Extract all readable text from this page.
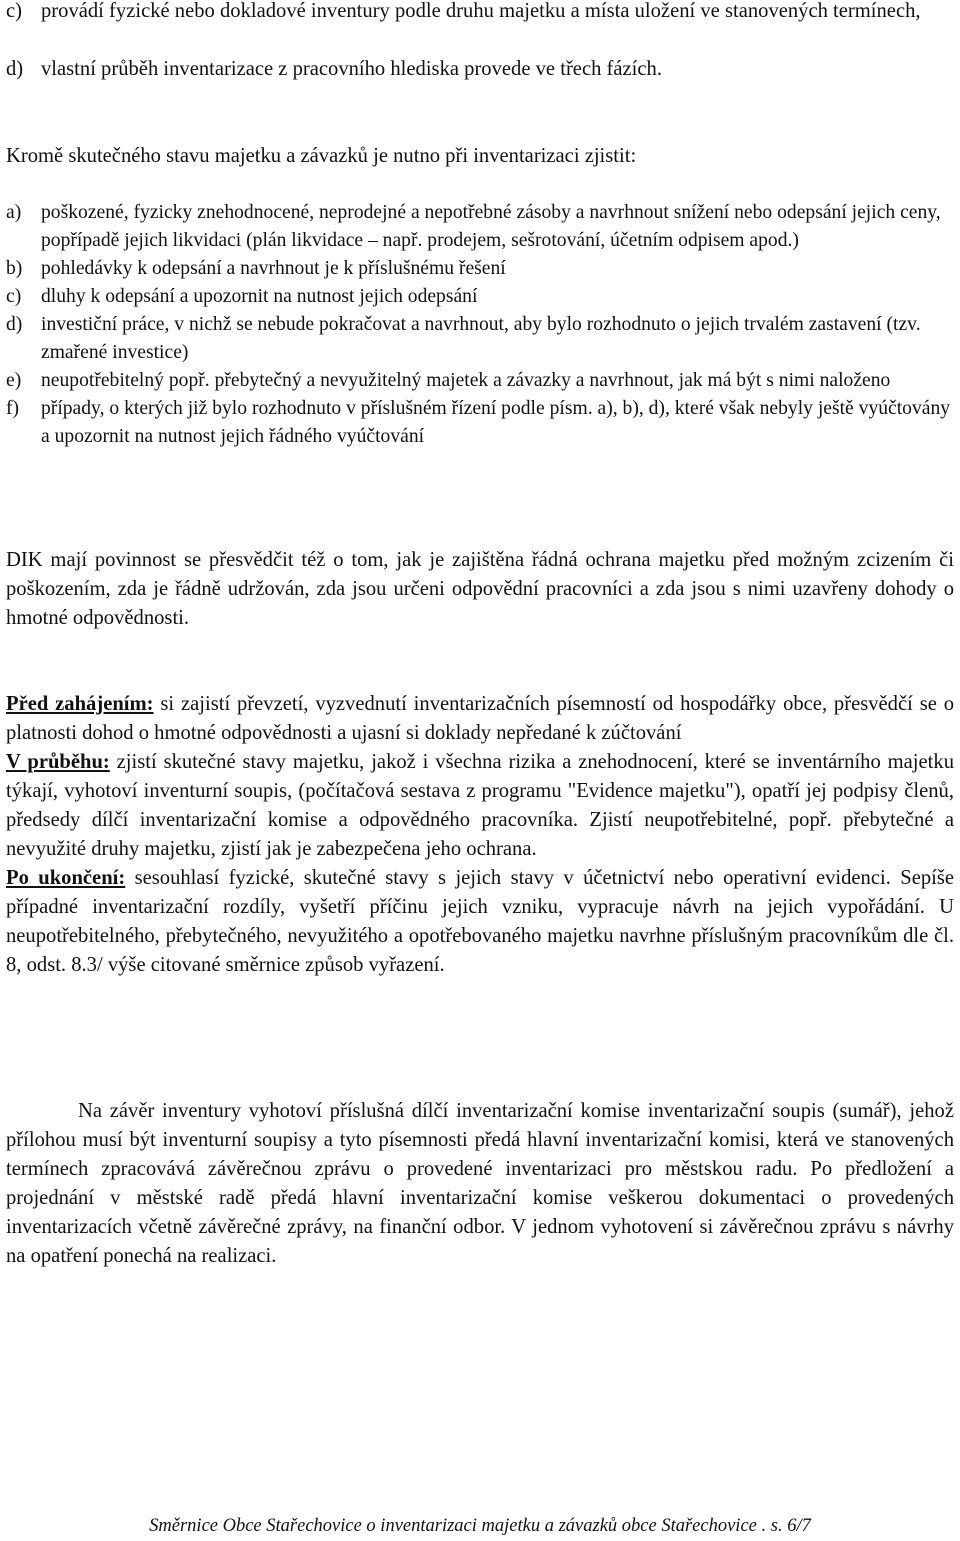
c) provádí fyzické nebo dokladové inventury podle druhu majetku a místa uložení ve stanovených termínech,
d) vlastní průběh inventarizace z pracovního hlediska provede ve třech fázích.

Kromě skutečného stavu majetku a závazků je nutno při inventarizaci zjistit:

a)	poškozené, fyzicky znehodnocené, neprodejné a nepotřebné zásoby a navrhnout snížení nebo odepsání jejich ceny, popřípadě jejich likvidaci (plán likvidace – např. prodejem, sešrotování, účetním odpisem apod.)
b) pohledávky k odepsání a navrhnout je k příslušnému řešení
c)	dluhy k odepsání a upozornit na nutnost jejich odepsání
d) investiční práce, v nichž se nebude pokračovat a navrhnout, aby bylo rozhodnuto o jejich trvalém zastavení (tzv. zmařené investice)
e)	neupotřebitelný popř. přebytečný a nevyužitelný majetek a závazky a navrhnout, jak má být s nimi naloženo
f)	případy, o kterých již bylo rozhodnuto v příslušném řízení podle písm. a), b), d), které však nebyly ještě vyúčtovány a upozornit na nutnost jejich řádného vyúčtování

DIK mají povinnost se přesvědčit též o tom, jak je zajištěna řádná ochrana majetku před možným zcizením či poškozením, zda je řádně udržován, zda jsou určeni odpovědní pracovníci a zda jsou s nimi uzavřeny dohody o hmotné odpovědnosti.

Před zahájením: si zajistí převzetí, vyzvednutí inventarizačních písemností od hospodářky obce, přesvědčí se o platnosti dohod o hmotné odpovědnosti a ujasní si doklady nepředané k zúčtování

V průběhu: zjistí skutečné stavy majetku, jakož i všechna rizika a znehodnocení, které se inventárního majetku týkají, vyhotoví inventurní soupis, (počítačová sestava z programu "Evidence majetku"), opatří jej podpisy členů, předsedy dílčí inventarizační komise a odpovědného pracovníka. Zjistí neupotřebitelné, popř. přebytečné a nevyužité druhy majetku, zjistí jak je zabezpečena jeho ochrana.

Po ukončení: sesouhlasí fyzické, skutečné stavy s jejich stavy v účetnictví nebo operativní evidenci. Sepíše případné inventarizační rozdíly, vyšetří příčinu jejich vzniku, vypracuje návrh na jejich vypořádání. U neupotřebitelného, přebytečného, nevyužitého a opotřebovaného majetku navrhne příslušným pracovníkům dle čl. 8, odst. 8.3/ výše citované směrnice způsob vyřazení.

Na závěr inventury vyhotoví příslušná dílčí inventarizační komise inventarizační soupis (sumář), jehož přílohou musí být inventurní soupisy a tyto písemnosti předá hlavní inventarizační komisi, která ve stanovených termínech zpracovává závěrečnou zprávu o provedené inventarizaci pro městskou radu. Po předložení a projednání v městské radě předá hlavní inventarizační komise veškerou dokumentaci o provedených inventarizacích včetně závěrečné zprávy, na finanční odbor. V jednom vyhotovení si závěrečnou zprávu s návrhy na opatření ponechá na realizaci.

Směrnice Obce Stařechovice o inventarizaci majetku a závazků obce Stařechovice . s. 6/7
